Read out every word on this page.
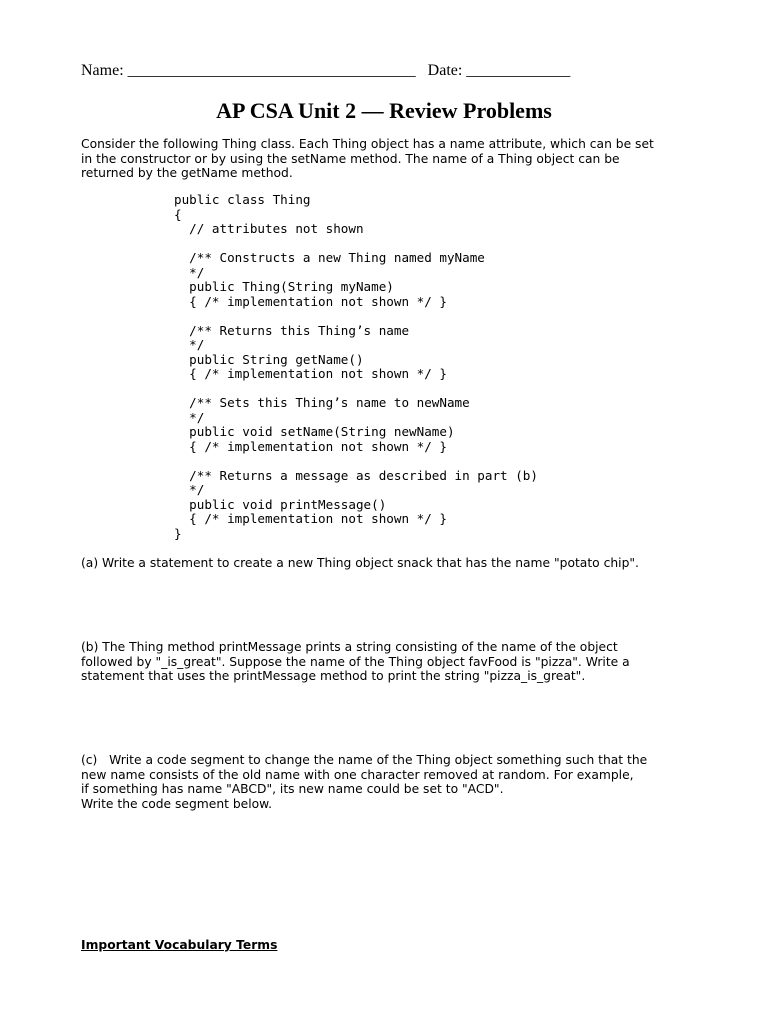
Name: ____________________________________ Date: _____________
AP CSA Unit 2 — Review Problems
Consider the following Thing class. Each Thing object has a name attribute, which can be set
in the constructor or by using the setName method. The name of a Thing object can be
returned by the getName method.
public class Thing
{
// attributes not shown
/** Constructs a new Thing named myName
*/
public Thing(String myName)
{ /* implementation not shown */ }
/** Returns this Thing’s name
*/
public String getName()
{ /* implementation not shown */ }
/** Sets this Thing’s name to newName
*/
public void setName(String newName)
{ /* implementation not shown */ }
/** Returns a message as described in part (b)
*/
public void printMessage()
{ /* implementation not shown */ }
}
(a) Write a statement to create a new Thing object snack that has the name "potato chip".
(b) The Thing method printMessage prints a string consisting of the name of the object
followed by "_is_great". Suppose the name of the Thing object favFood is "pizza". Write a
statement that uses the printMessage method to print the string "pizza_is_great".
(c)   Write a code segment to change the name of the Thing object something such that the
new name consists of the old name with one character removed at random. For example,
if something has name "ABCD", its new name could be set to "ACD".
Write the code segment below.
Important Vocabulary Terms
